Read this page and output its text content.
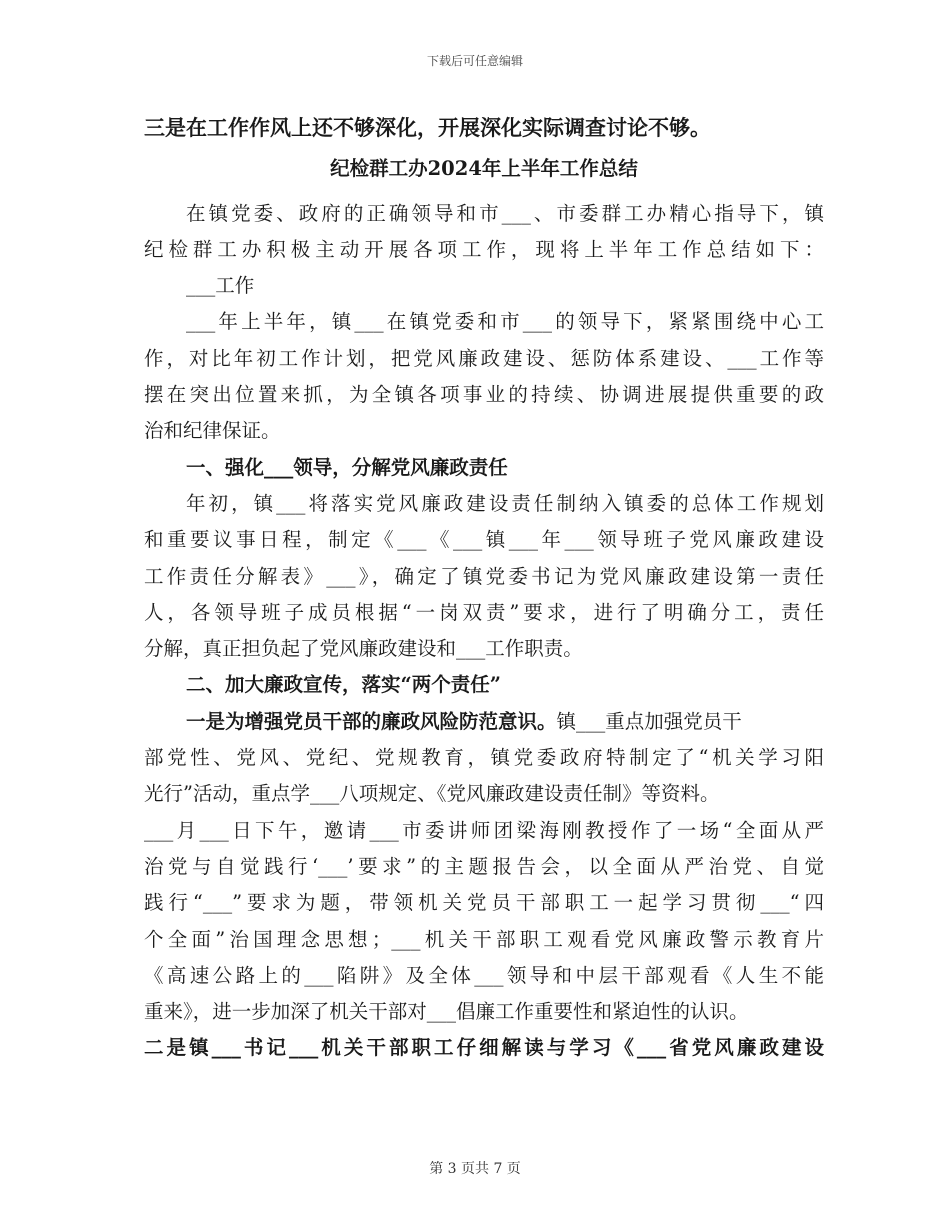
下载后可任意编辑
三是在工作作风上还不够深化，开展深化实际调查讨论不够。
纪检群工办2024年上半年工作总结
在镇党委、政府的正确领导和市___、市委群工办精心指导下，镇
纪检群工办积极主动开展各项工作，现将上半年工作总结如下：
___工作
___年上半年，镇___在镇党委和市___的领导下，紧紧围绕中心工
作，对比年初工作计划，把党风廉政建设、惩防体系建设、___工作等
摆在突出位置来抓，为全镇各项事业的持续、协调进展提供重要的政
治和纪律保证。
一、强化___领导，分解党风廉政责任
年初，镇___将落实党风廉政建设责任制纳入镇委的总体工作规划
和重要议事日程，制定《___《___镇___年___领导班子党风廉政建设
工作责任分解表》___》，确定了镇党委书记为党风廉政建设第一责任
人，各领导班子成员根据“一岗双责”要求，进行了明确分工，责任
分解，真正担负起了党风廉政建设和___工作职责。
二、加大廉政宣传，落实“两个责任”
一是为增强党员干部的廉政风险防范意识。镇___重点加强党员干
部党性、党风、党纪、党规教育，镇党委政府特制定了“机关学习阳
光行”活动，重点学___八项规定、《党风廉政建设责任制》等资料。
___月___日下午，邀请___市委讲师团梁海刚教授作了一场“全面从严
治党与自觉践行‘___’要求”的主题报告会，以全面从严治党、自觉
践行“___”要求为题，带领机关党员干部职工一起学习贯彻___“四
个全面”治国理念思想；___机关干部职工观看党风廉政警示教育片
《高速公路上的___陷阱》及全体___领导和中层干部观看《人生不能
重来》，进一步加深了机关干部对___倡廉工作重要性和紧迫性的认识。
二是镇___书记___机关干部职工仔细解读与学习《___省党风廉政建设
第 3 页共 7 页
